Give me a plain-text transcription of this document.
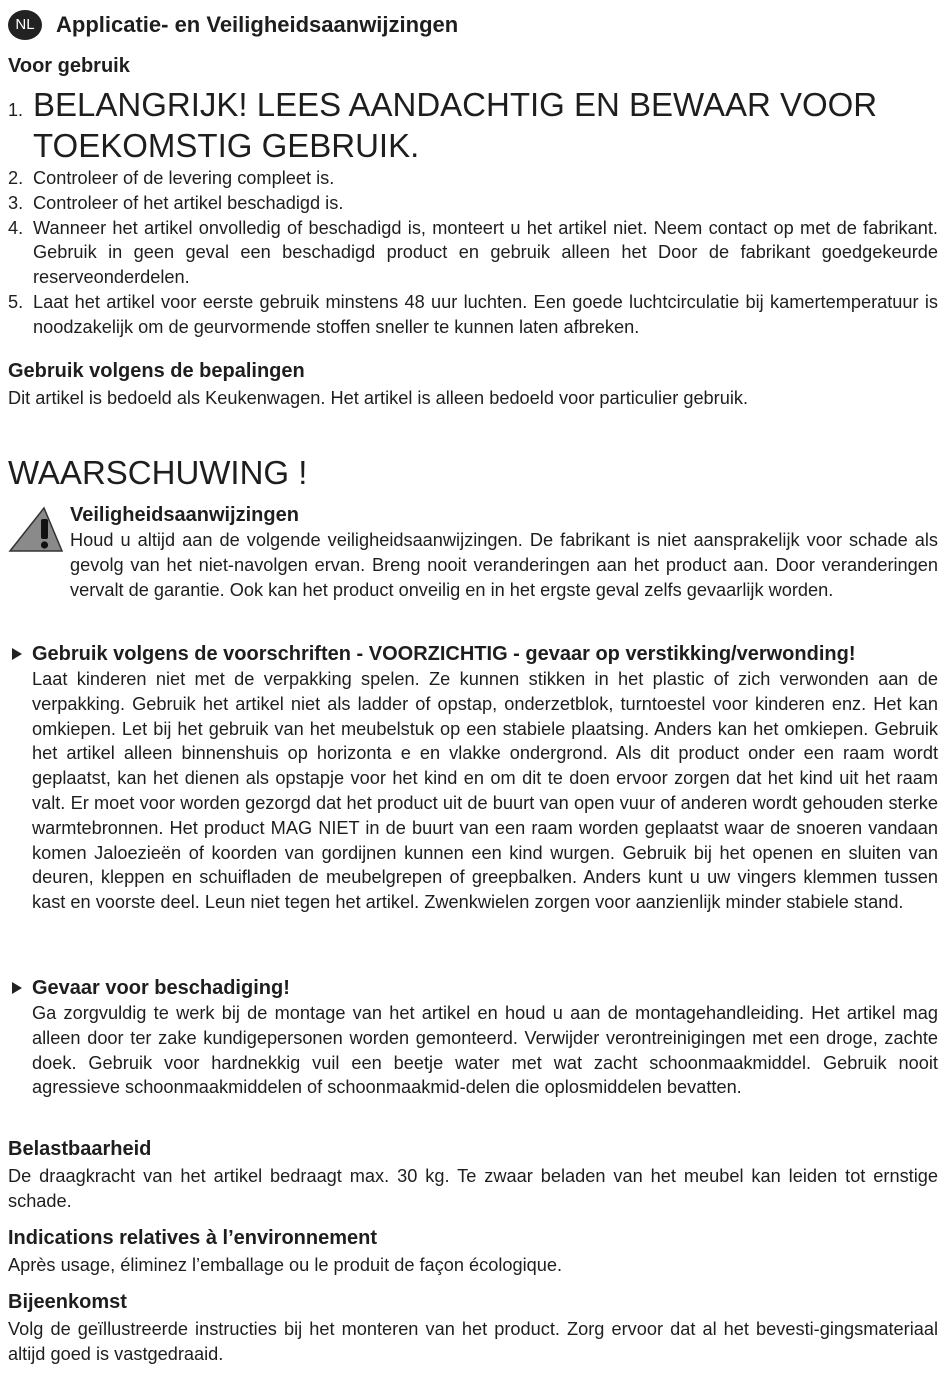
NL Applicatie- en Veiligheidsaanwijzingen
Voor gebruik
1. BELANGRIJK! LEES AANDACHTIG EN BEWAAR VOOR TOEKOMSTIG GEBRUIK.
2. Controleer of de levering compleet is.
3. Controleer of het artikel beschadigd is.
4. Wanneer het artikel onvolledig of beschadigd is, monteert u het artikel niet. Neem contact op met de fabrikant. Gebruik in geen geval een beschadigd product en gebruik alleen het Door de fabrikant goedgekeurde reserveonderdelen.
5. Laat het artikel voor eerste gebruik minstens 48 uur luchten. Een goede luchtcirculatie bij kamertemperatuur is noodzakelijk om de geurvormende stoffen sneller te kunnen laten afbreken.
Gebruik volgens de bepalingen
Dit artikel is bedoeld als Keukenwagen. Het artikel is alleen bedoeld voor particulier gebruik.
WAARSCHUWING !
Veiligheidsaanwijzingen
Houd u altijd aan de volgende veiligheidsaanwijzingen. De fabrikant is niet aansprakelijk voor schade als gevolg van het niet-navolgen ervan. Breng nooit veranderingen aan het product aan. Door veranderingen vervalt de garantie. Ook kan het product onveilig en in het ergste geval zelfs gevaarlijk worden.
Gebruik volgens de voorschriften - VOORZICHTIG - gevaar op verstikking/verwonding!
Laat kinderen niet met de verpakking spelen. Ze kunnen stikken in het plastic of zich verwonden aan de verpakking. Gebruik het artikel niet als ladder of opstap, onderzetblok, turntoestel voor kinderen enz. Het kan omkiepen. Let bij het gebruik van het meubelstuk op een stabiele plaatsing. Anders kan het omkiepen. Gebruik het artikel alleen binnenshuis op horizonta e en vlakke ondergrond. Als dit product onder een raam wordt geplaatst, kan het dienen als opstapje voor het kind en om dit te doen ervoor zorgen dat het kind uit het raam valt. Er moet voor worden gezorgd dat het product uit de buurt van open vuur of anderen wordt gehouden sterke warmtebronnen. Het product MAG NIET in de buurt van een raam worden geplaatst waar de snoeren vandaan komen Jaloezieën of koorden van gordijnen kunnen een kind wurgen. Gebruik bij het openen en sluiten van deuren, kleppen en schuifladen de meubelgrepen of greepbalken. Anders kunt u uw vingers klemmen tussen kast en voorste deel. Leun niet tegen het artikel. Zwenkwielen zorgen voor aanzienlijk minder stabiele stand.
Gevaar voor beschadiging!
Ga zorgvuldig te werk bij de montage van het artikel en houd u aan de montagehandleiding. Het artikel mag alleen door ter zake kundigepersonen worden gemonteerd. Verwijder verontreinigingen met een droge, zachte doek. Gebruik voor hardnekkig vuil een beetje water met wat zacht schoonmaakmiddel. Gebruik nooit agressieve schoonmaakmiddelen of schoonmaakmid-delen die oplosmiddelen bevatten.
Belastbaarheid
De draagkracht van het artikel bedraagt max. 30 kg. Te zwaar beladen van het meubel kan leiden tot ernstige schade.
Indications relatives à l’environnement
Après usage, éliminez l’emballage ou le produit de façon écologique.
Bijeenkomst
Volg de geïllustreerde instructies bij het monteren van het product. Zorg ervoor dat al het bevesti-gingsmateriaal altijd goed is vastgedraaid.
